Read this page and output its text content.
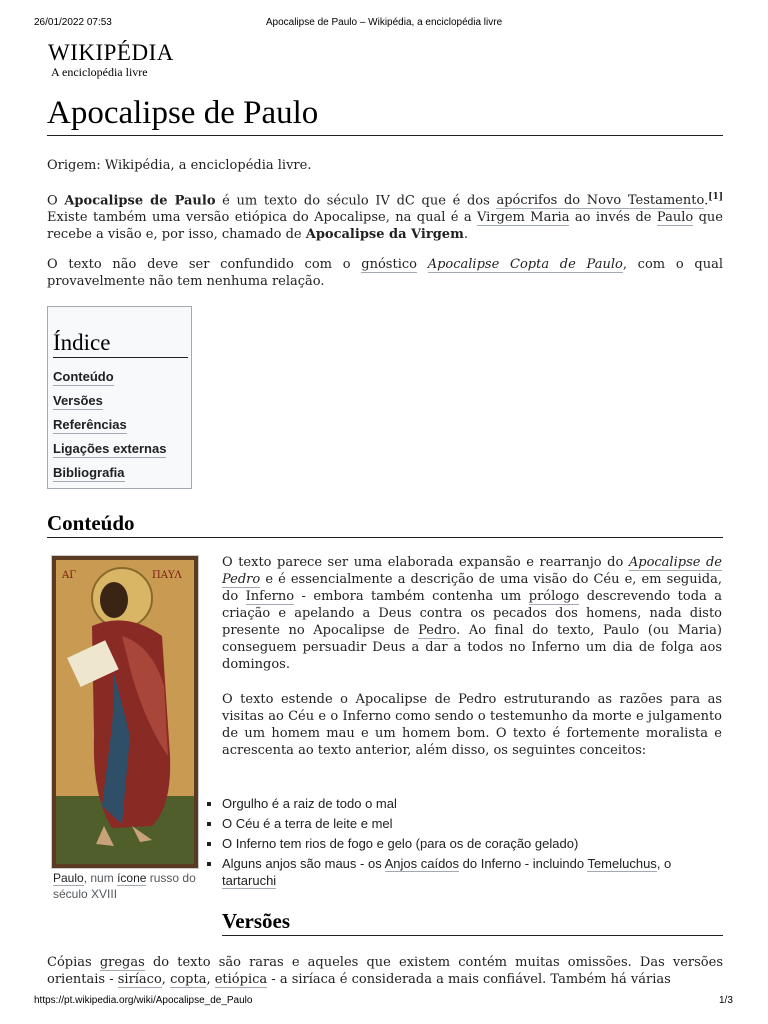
26/01/2022 07:53	Apocalipse de Paulo – Wikipédia, a enciclopédia livre
WIKIPÉDIA
A enciclopédia livre
Apocalipse de Paulo

Origem: Wikipédia, a enciclopédia livre.

O Apocalipse de Paulo é um texto do século IV dC que é dos apócrifos do Novo Testamento.[1] Existe também uma versão etiópica do Apocalipse, na qual é a Virgem Maria ao invés de Paulo que recebe a visão e, por isso, chamado de Apocalipse da Virgem.

O texto não deve ser confundido com o gnóstico Apocalipse Copta de Paulo, com o qual provavelmente não tem nenhuma relação.

Índice
Conteúdo
Versões
Referências
Ligações externas
Bibliografia
Conteúdo
ΑΓ	ΠΑΥΛ
Paulo, num ícone russo do século XVIII

O texto parece ser uma elaborada expansão e rearranjo do Apocalipse de Pedro e é essencialmente a descrição de uma visão do Céu e, em seguida, do Inferno - embora também contenha um prólogo descrevendo toda a criação e apelando a Deus contra os pecados dos homens, nada disto presente no Apocalipse de Pedro. Ao final do texto, Paulo (ou Maria) conseguem persuadir Deus a dar a todos no Inferno um dia de folga aos domingos.

O texto estende o Apocalipse de Pedro estruturando as razões para as visitas ao Céu e o Inferno como sendo o testemunho da morte e julgamento de um homem mau e um homem bom. O texto é fortemente moralista e acrescenta ao texto anterior, além disso, os seguintes conceitos:

▪ Orgulho é a raiz de todo o mal
▪ O Céu é a terra de leite e mel
▪ O Inferno tem rios de fogo e gelo (para os de coração gelado)
▪ Alguns anjos são maus - os Anjos caídos do Inferno - incluindo Temeluchus, o tartaruchi
Versões

Cópias gregas do texto são raras e aqueles que existem contém muitas omissões. Das versões orientais - siríaco, copta, etiópica - a siríaca é considerada a mais confiável. Também há várias

https://pt.wikipedia.org/wiki/Apocalipse_de_Paulo	1/3
